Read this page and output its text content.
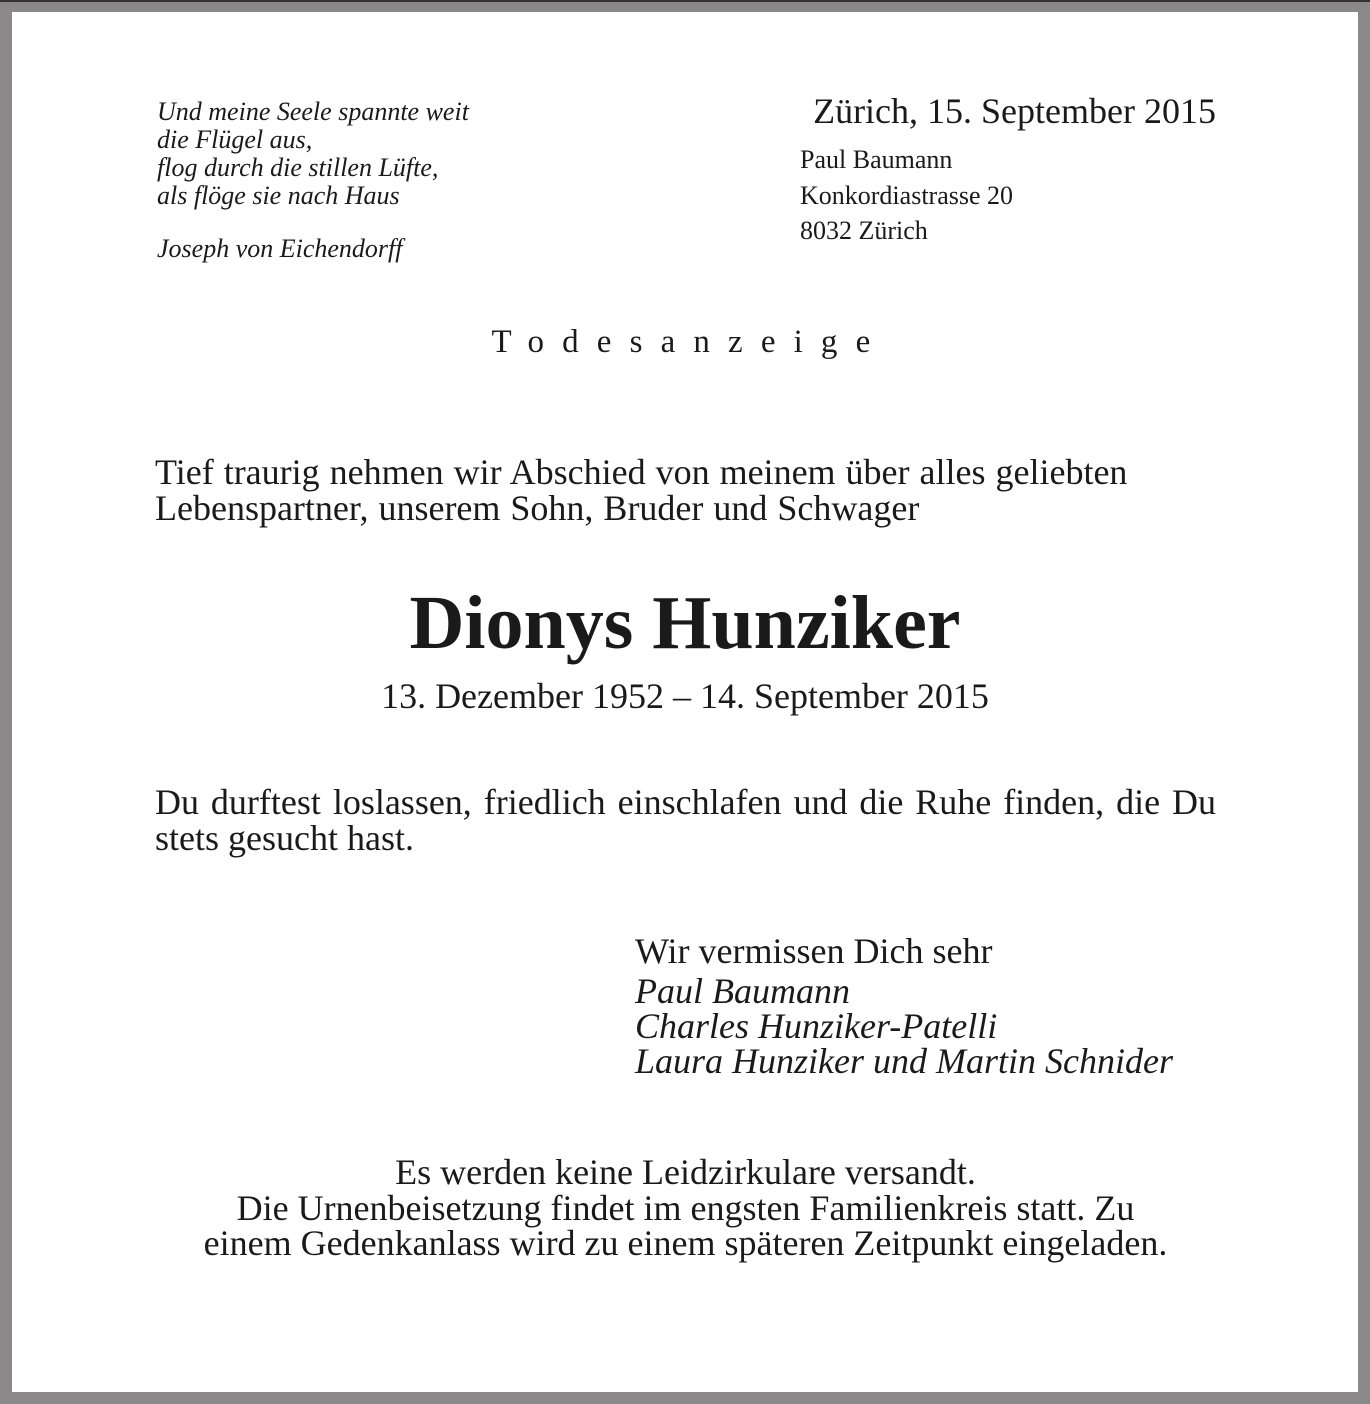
Und meine Seele spannte weit
die Flügel aus,
flog durch die stillen Lüfte,
als flöge sie nach Haus
Joseph von Eichendorff
Zürich, 15. September 2015
Paul Baumann
Konkordiastrasse 20
8032 Zürich
Todesanzeige
Tief traurig nehmen wir Abschied von meinem über alles geliebten Lebenspartner, unserem Sohn, Bruder und Schwager
Dionys Hunziker
13. Dezember 1952 – 14. September 2015
Du durftest loslassen, friedlich einschlafen und die Ruhe finden, die Du stets gesucht hast.
Wir vermissen Dich sehr
Paul Baumann
Charles Hunziker-Patelli
Laura Hunziker und Martin Schnider
Es werden keine Leidzirkulare versandt.
Die Urnenbeisetzung findet im engsten Familienkreis statt. Zu
einem Gedenkanlass wird zu einem späteren Zeitpunkt eingeladen.
